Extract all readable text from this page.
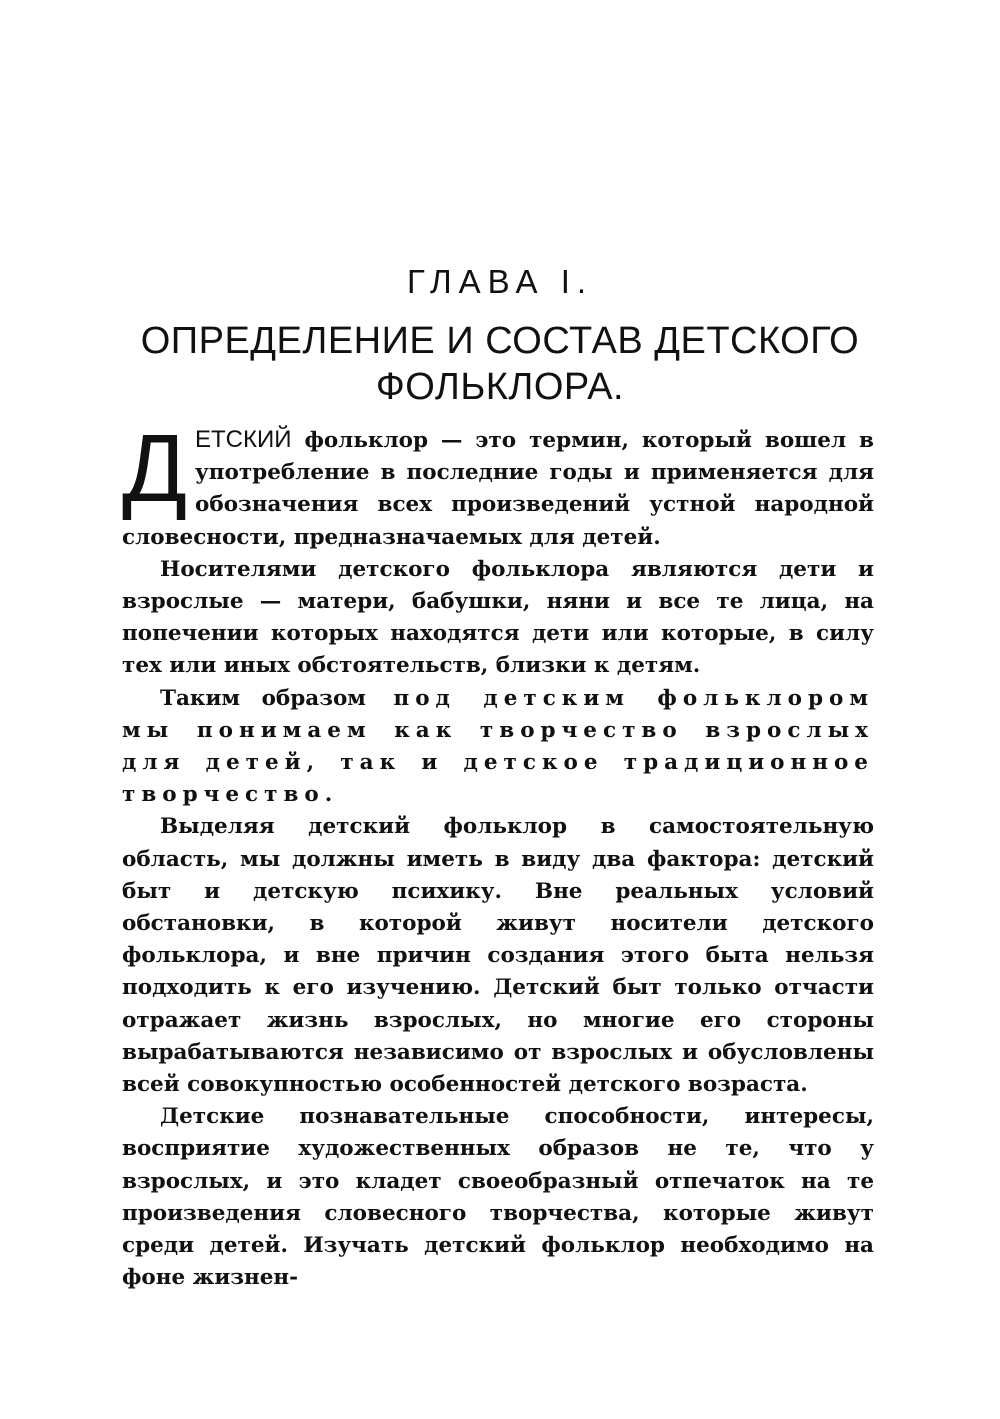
ГЛАВА I.
ОПРЕДЕЛЕНИЕ И СОСТАВ ДЕТСКОГО ФОЛЬКЛОРА.

ДЕТСКИЙ фольклор — это термин, который вошел в употребление в последние годы и применяется для обозначения всех произведений устной народной словесности, предназначаемых для детей.

Носителями детского фольклора являются дети и взрослые — матери, бабушки, няни и все те лица, на попечении которых находятся дети или которые, в силу тех или иных обстоятельств, близки к детям.

Таким образом под детским фольклором мы понимаем как творчество взрослых для детей, так и детское традиционное творчество.

Выделяя детский фольклор в самостоятельную область, мы должны иметь в виду два фактора: детский быт и детскую психику. Вне реальных условий обстановки, в которой живут носители детского фольклора, и вне причин создания этого быта нельзя подходить к его изучению. Детский быт только отчасти отражает жизнь взрослых, но многие его стороны вырабатываются независимо от взрослых и обусловлены всей совокупностью особенностей детского возраста.

Детские познавательные способности, интересы, восприятие художественных образов не те, что у взрослых, и это кладет своеобразный отпечаток на те произведения словесного творчества, которые живут среди детей. Изучать детский фольклор необходимо на фоне жизнен-
